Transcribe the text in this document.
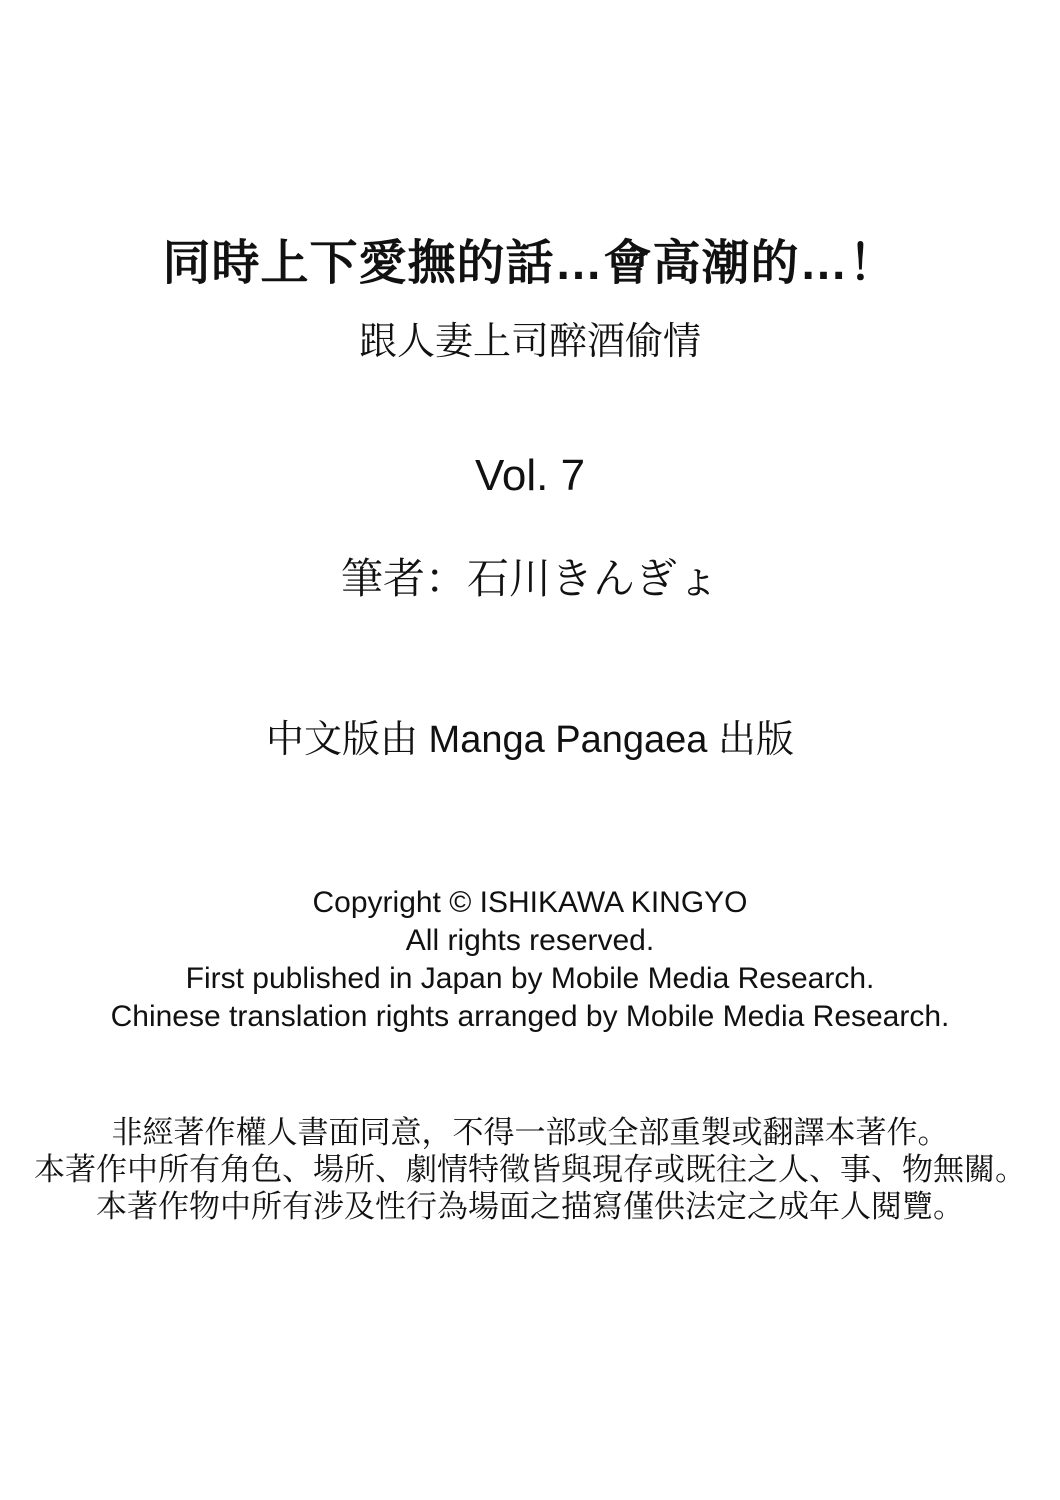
同時上下愛撫的話…會高潮的…！
跟人妻上司醉酒偷情
Vol. 7
筆者：石川きんぎょ
中文版由 Manga Pangaea 出版
Copyright © ISHIKAWA KINGYO
All rights reserved.
First published in Japan by Mobile Media Research.
Chinese translation rights arranged by Mobile Media Research.
非經著作權人書面同意，不得一部或全部重製或翻譯本著作。
本著作中所有角色、場所、劇情特徵皆與現存或既往之人、事、物無關。
本著作物中所有涉及性行為場面之描寫僅供法定之成年人閱覽。
